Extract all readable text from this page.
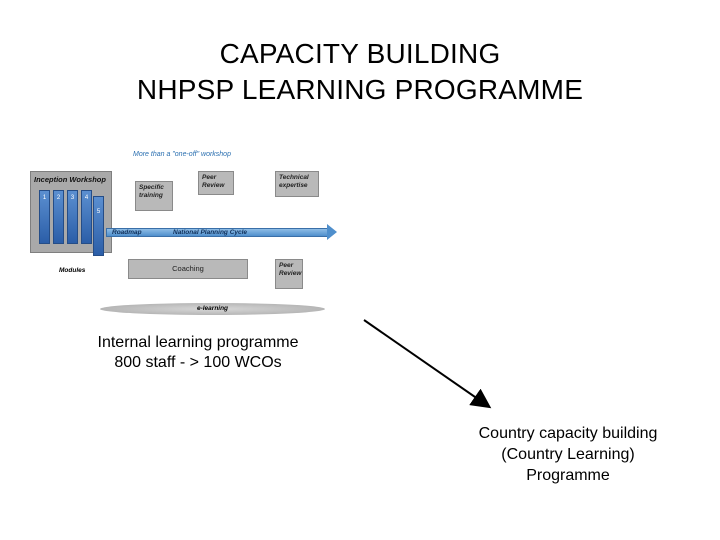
CAPACITY BUILDING
NHPSP LEARNING PROGRAMME
More than a "one-off" workshop
Inception Workshop
1	2	3	4
5
Modules
Specific training
Peer Review
Technical expertise
Roadmap	National Planning Cycle
Coaching	Peer Review
e-learning
Internal learning programme
800 staff - > 100 WCOs
Country capacity building
(Country Learning)
Programme
